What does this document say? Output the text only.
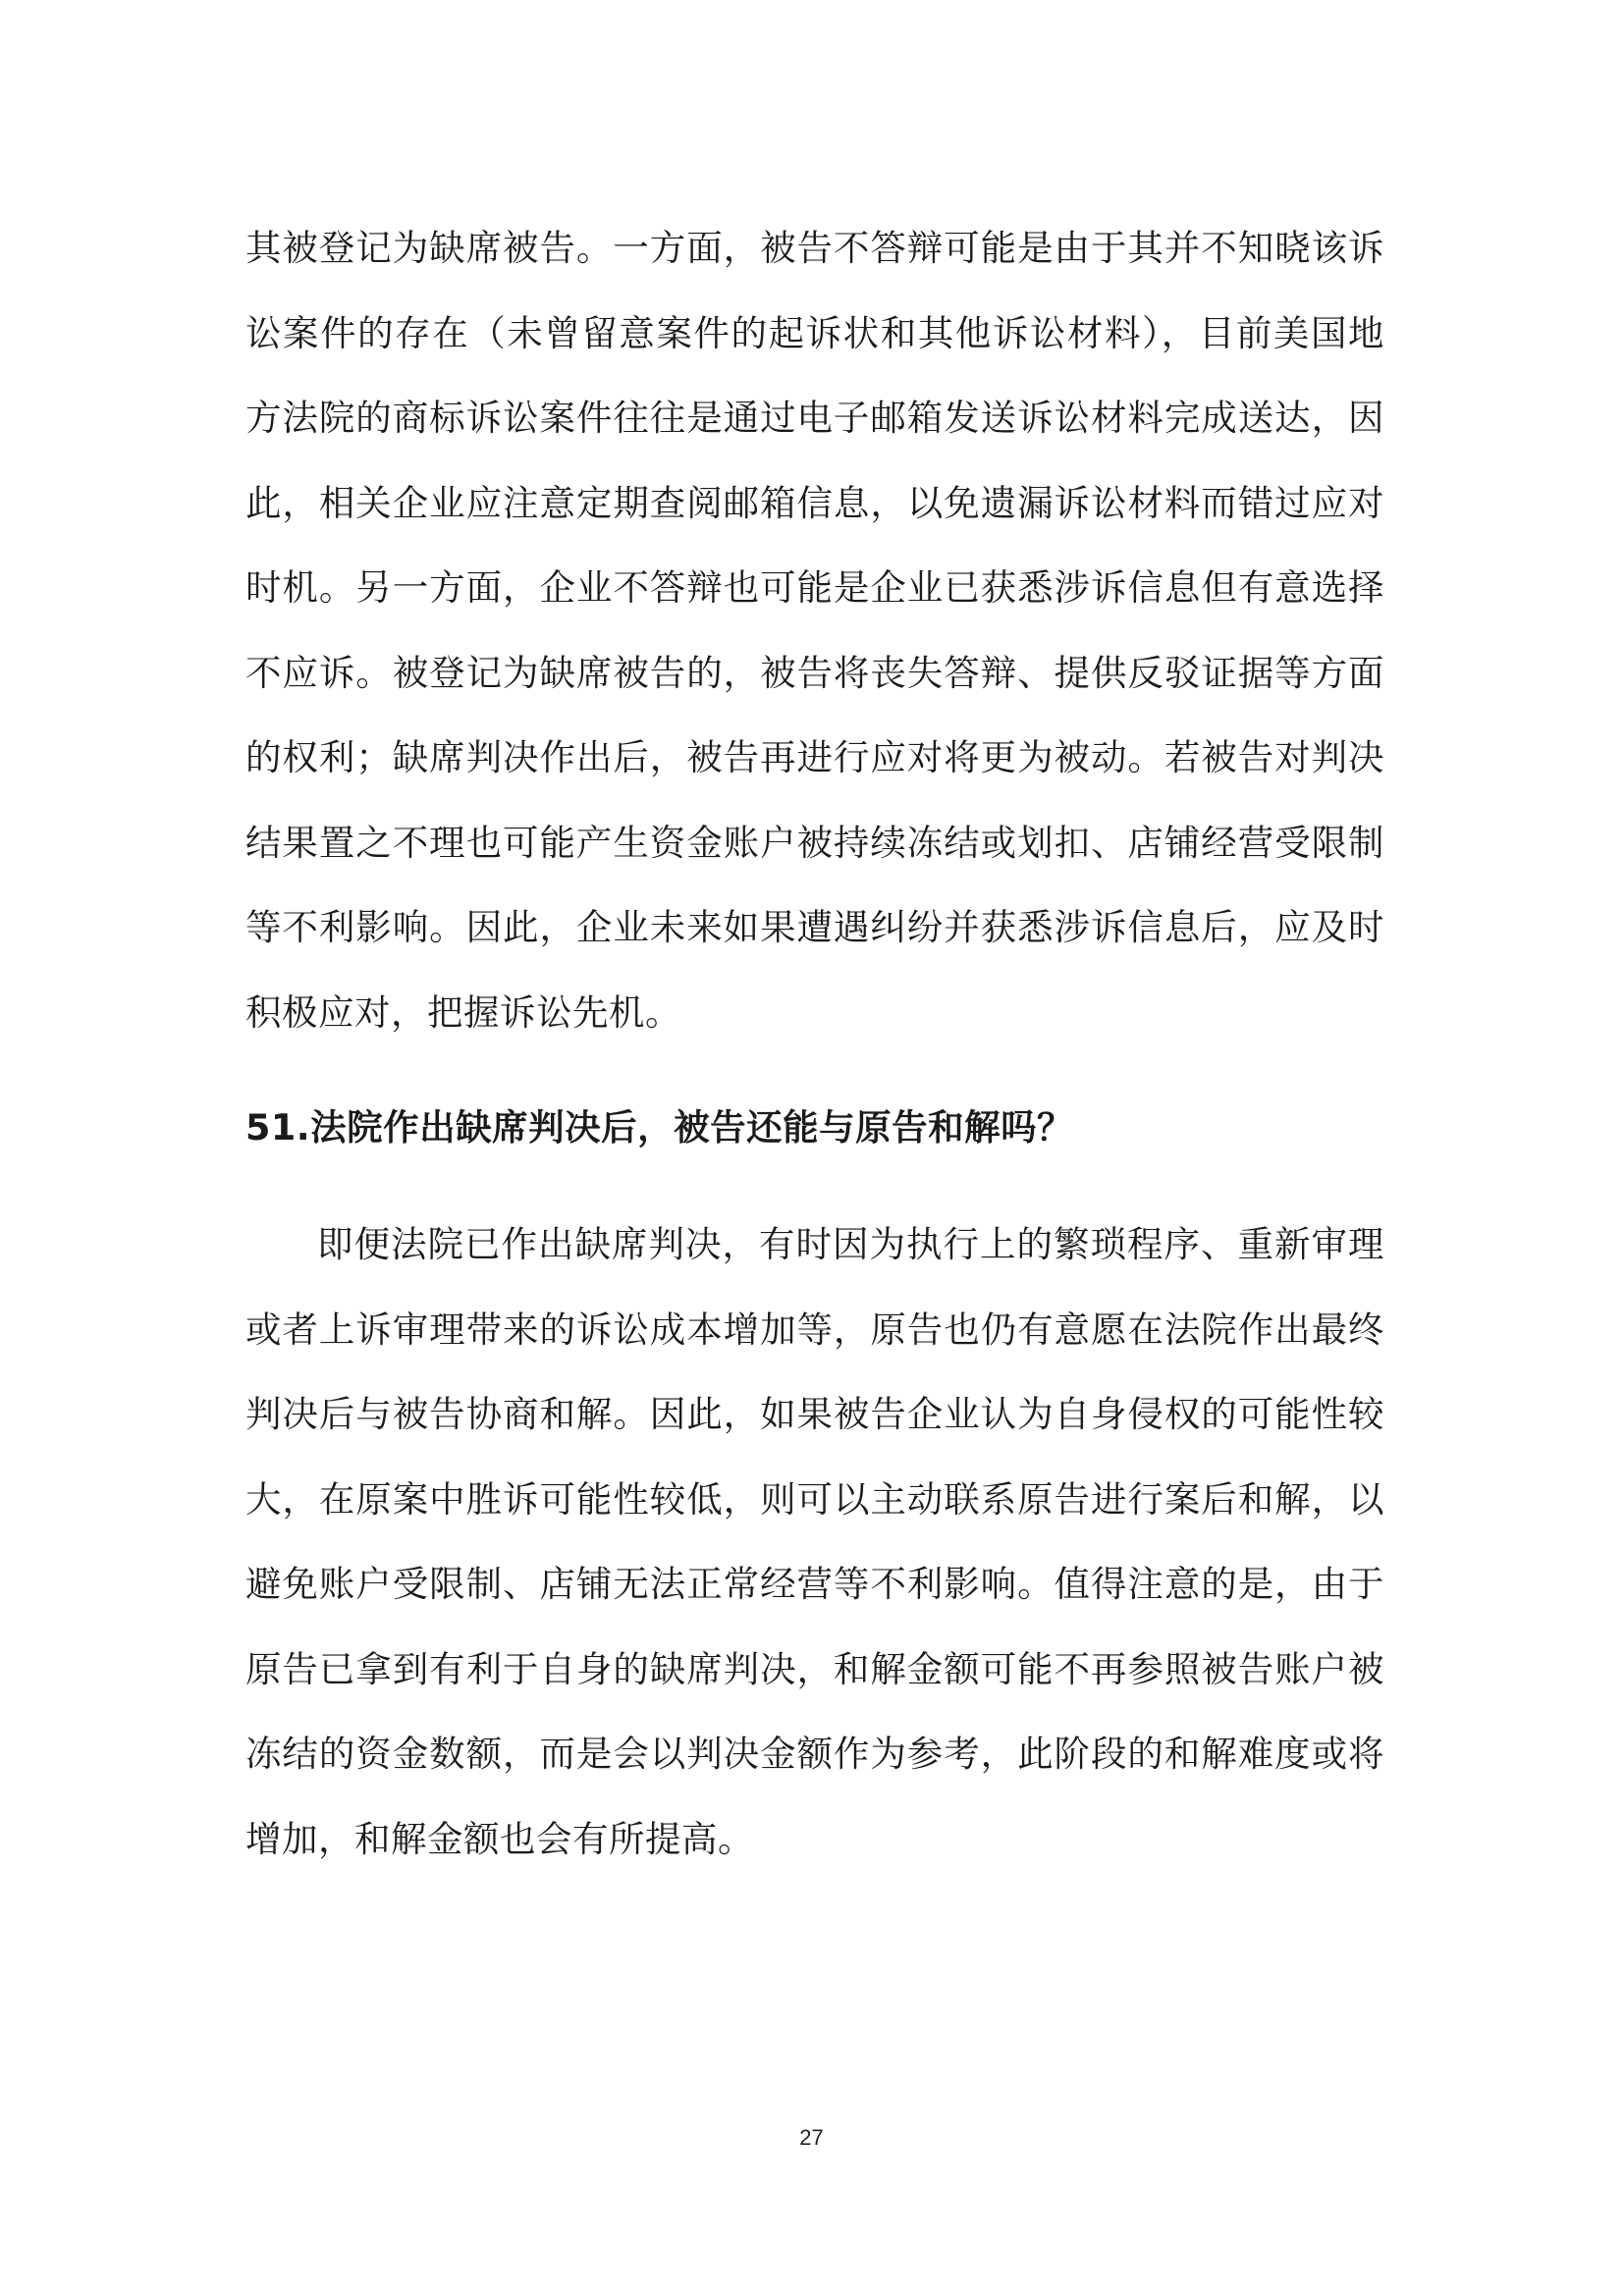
其被登记为缺席被告。一方面，被告不答辩可能是由于其并不知晓该诉讼案件的存在（未曾留意案件的起诉状和其他诉讼材料），目前美国地方法院的商标诉讼案件往往是通过电子邮箱发送诉讼材料完成送达，因此，相关企业应注意定期查阅邮箱信息，以免遗漏诉讼材料而错过应对时机。另一方面，企业不答辩也可能是企业已获悉涉诉信息但有意选择不应诉。被登记为缺席被告的，被告将丧失答辩、提供反驳证据等方面的权利；缺席判决作出后，被告再进行应对将更为被动。若被告对判决结果置之不理也可能产生资金账户被持续冻结或划扣、店铺经营受限制等不利影响。因此，企业未来如果遭遇纠纷并获悉涉诉信息后，应及时积极应对，把握诉讼先机。

51.法院作出缺席判决后，被告还能与原告和解吗？

即便法院已作出缺席判决，有时因为执行上的繁琐程序、重新审理或者上诉审理带来的诉讼成本增加等，原告也仍有意愿在法院作出最终判决后与被告协商和解。因此，如果被告企业认为自身侵权的可能性较大，在原案中胜诉可能性较低，则可以主动联系原告进行案后和解，以避免账户受限制、店铺无法正常经营等不利影响。值得注意的是，由于原告已拿到有利于自身的缺席判决，和解金额可能不再参照被告账户被冻结的资金数额，而是会以判决金额作为参考，此阶段的和解难度或将增加，和解金额也会有所提高。

27
